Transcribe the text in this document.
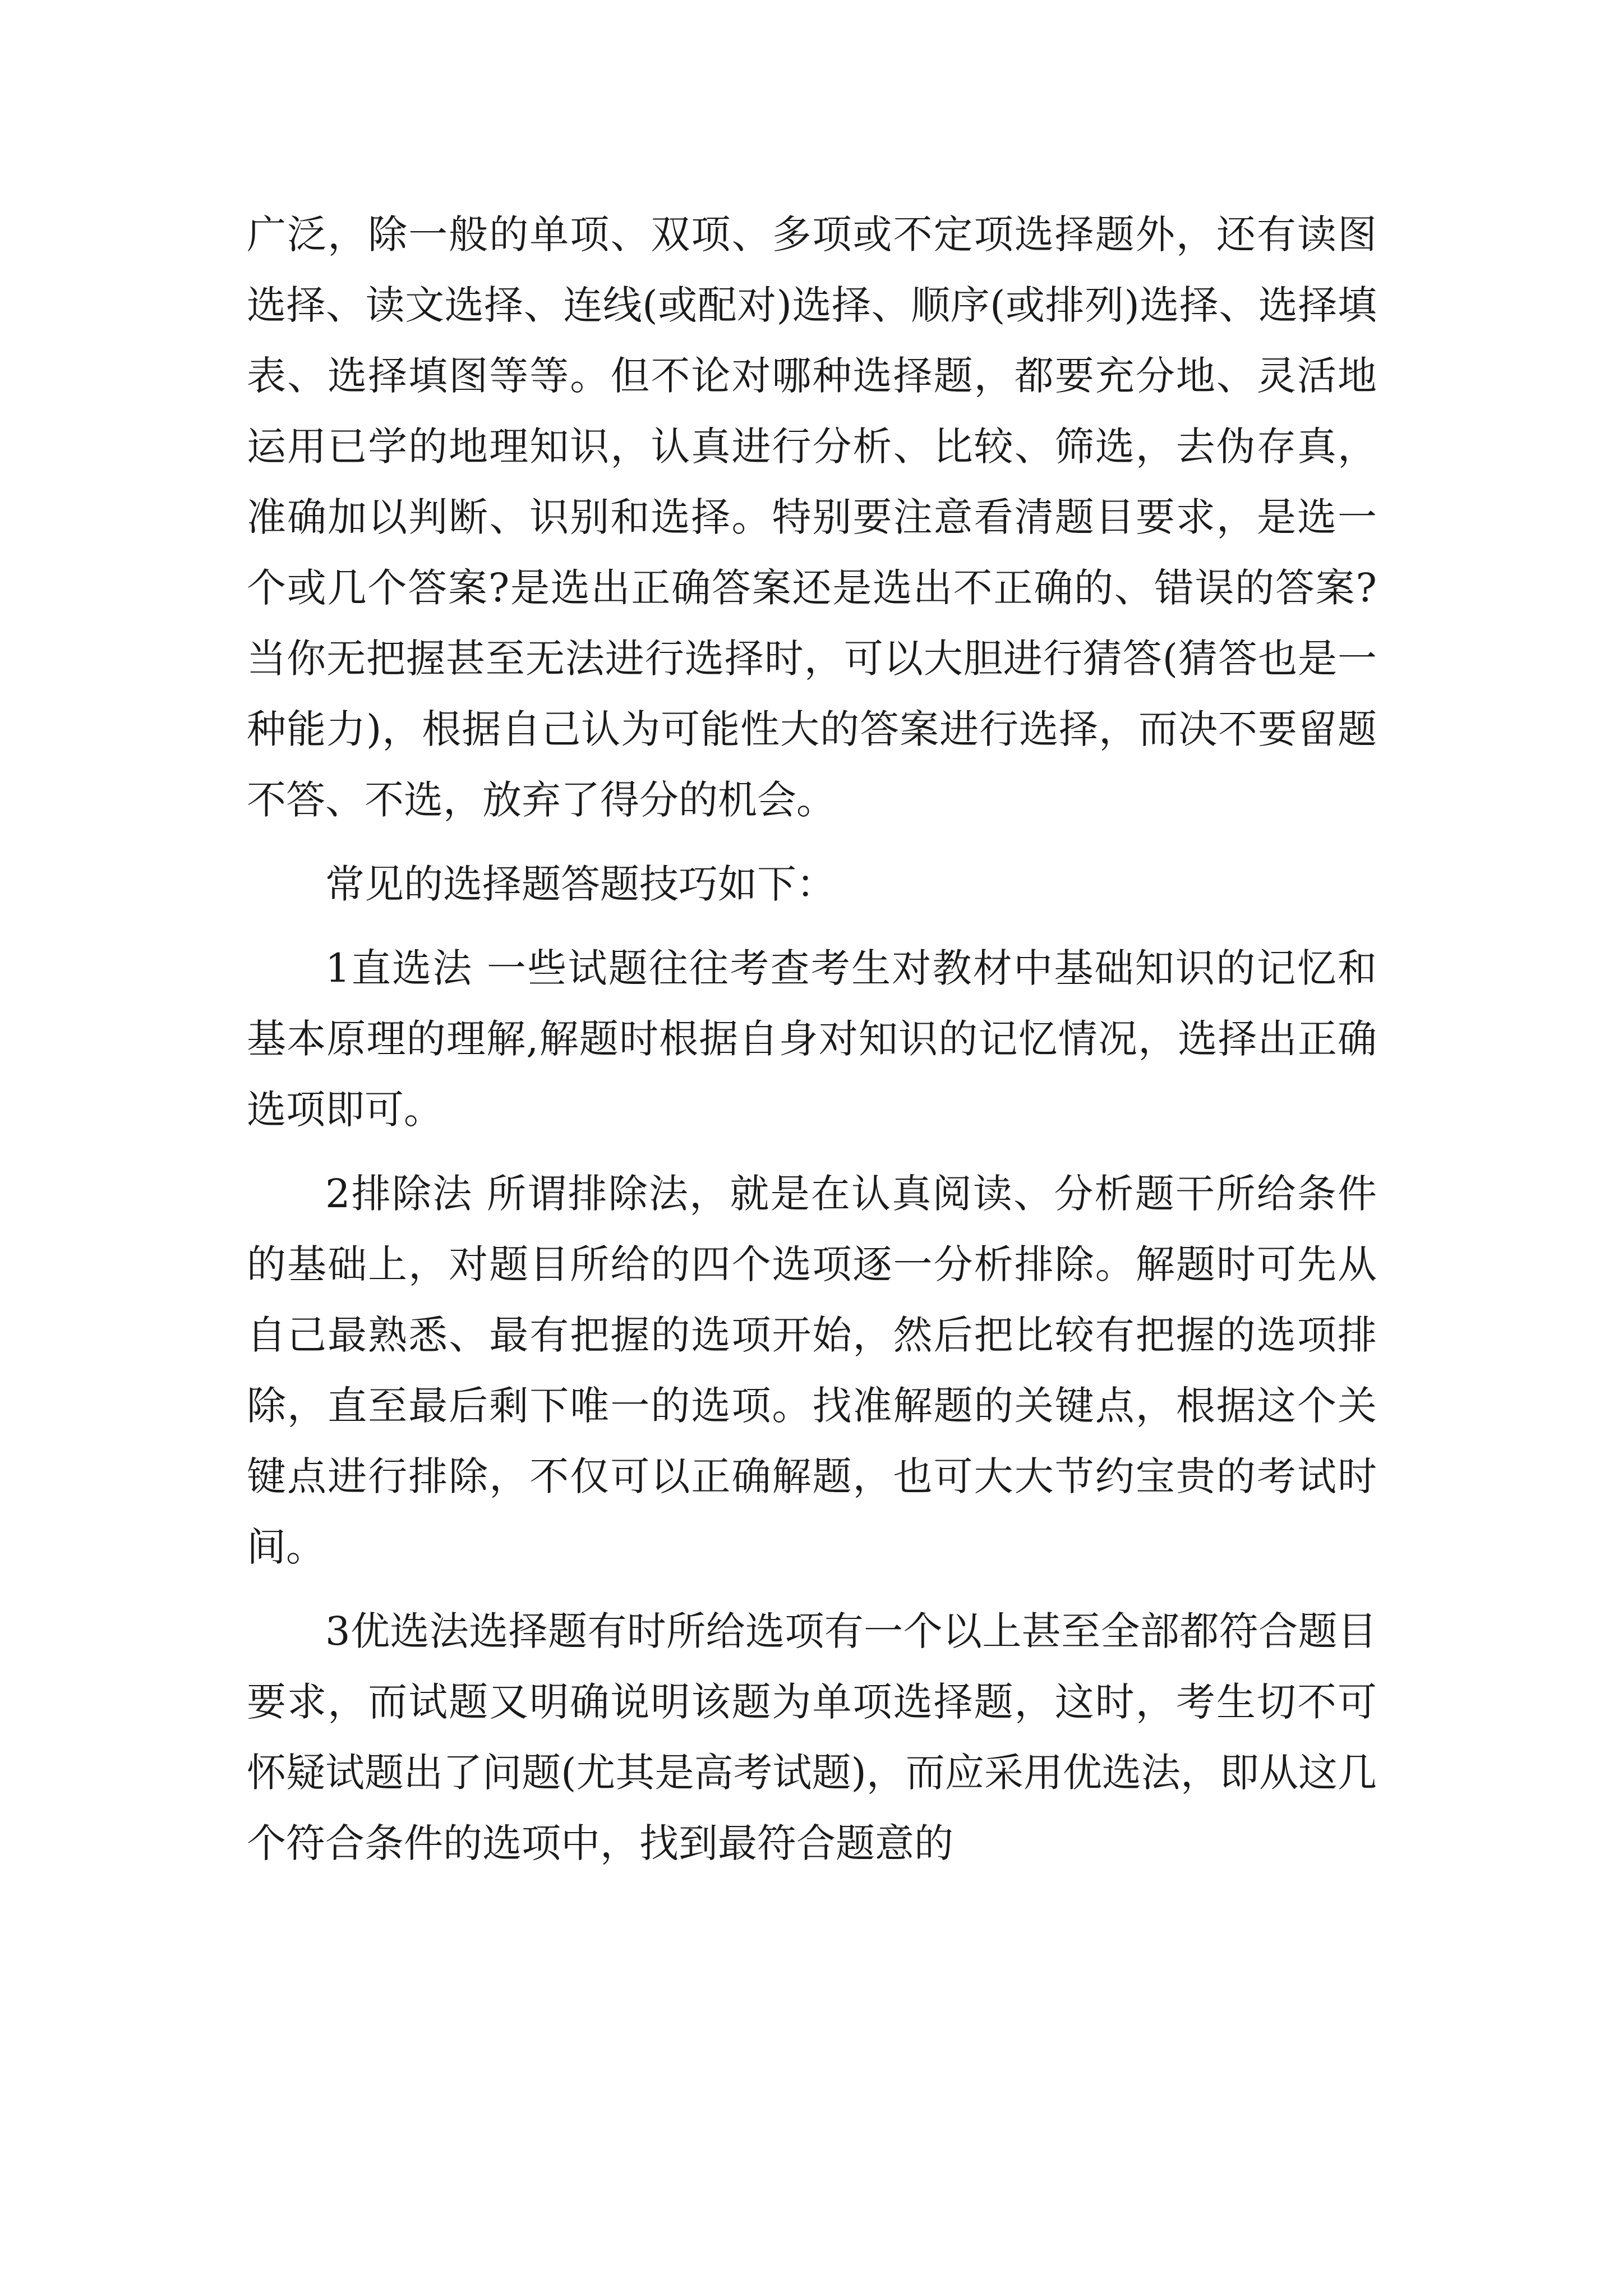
广泛，除一般的单项、双项、多项或不定项选择题外，还有读图选择、读文选择、连线(或配对)选择、顺序(或排列)选择、选择填表、选择填图等等。但不论对哪种选择题，都要充分地、灵活地运用已学的地理知识，认真进行分析、比较、筛选，去伪存真，准确加以判断、识别和选择。特别要注意看清题目要求，是选一个或几个答案?是选出正确答案还是选出不正确的、错误的答案?当你无把握甚至无法进行选择时，可以大胆进行猜答(猜答也是一种能力)，根据自己认为可能性大的答案进行选择，而决不要留题不答、不选，放弃了得分的机会。

常见的选择题答题技巧如下：

1直选法 一些试题往往考查考生对教材中基础知识的记忆和基本原理的理解,解题时根据自身对知识的记忆情况，选择出正确选项即可。

2排除法 所谓排除法，就是在认真阅读、分析题干所给条件的基础上，对题目所给的四个选项逐一分析排除。解题时可先从自己最熟悉、最有把握的选项开始，然后把比较有把握的选项排除，直至最后剩下唯一的选项。找准解题的关键点，根据这个关键点进行排除，不仅可以正确解题，也可大大节约宝贵的考试时间。

3优选法选择题有时所给选项有一个以上甚至全部都符合题目要求，而试题又明确说明该题为单项选择题，这时，考生切不可怀疑试题出了问题(尤其是高考试题)，而应采用优选法，即从这几个符合条件的选项中，找到最符合题意的
